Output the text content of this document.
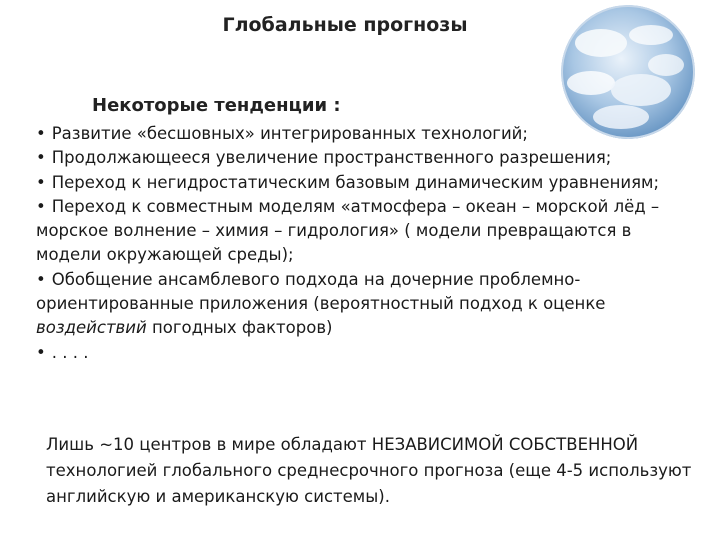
Глобальные прогнозы
Некоторые тенденции :
• Развитие «бесшовных» интегрированных технологий;
• Продолжающееся увеличение пространственного разрешения;
• Переход к негидростатическим базовым динамическим уравнениям;
• Переход к совместным моделям «атмосфера – океан – морской лёд – морское волнение – химия – гидрология» ( модели превращаются в модели окружающей среды);
• Обобщение ансамблевого подхода на дочерние проблемно-ориентированные приложения (вероятностный подход к оценке воздействий погодных факторов)
• . . . .
Лишь ~10 центров в мире обладают НЕЗАВИСИМОЙ СОБСТВЕННОЙ технологией глобального среднесрочного прогноза (еще 4-5 используют английскую и американскую системы).
